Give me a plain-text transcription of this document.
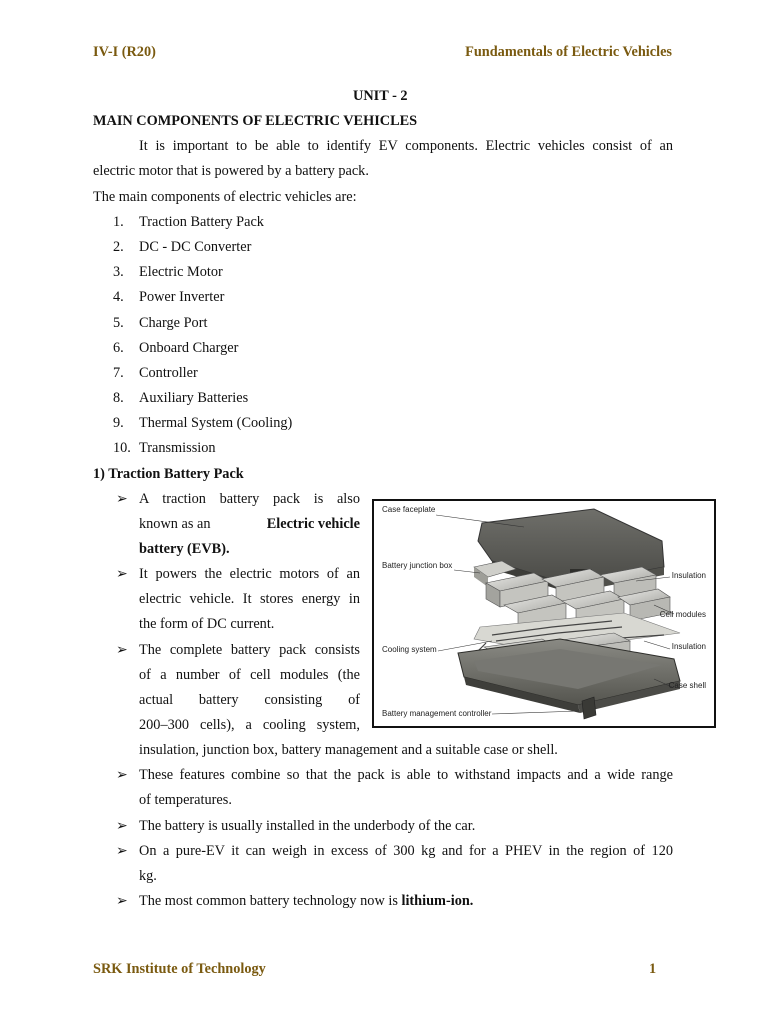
IV-I (R20)	Fundamentals of Electric Vehicles
UNIT - 2
MAIN COMPONENTS OF ELECTRIC VEHICLES
It is important to be able to identify EV components. Electric vehicles consist of an
electric motor that is powered by a battery pack.
The main components of electric vehicles are:
1. Traction Battery Pack
2. DC - DC Converter
3. Electric Motor
4. Power Inverter
5. Charge Port
6. Onboard Charger
7. Controller
8. Auxiliary Batteries
9. Thermal System (Cooling)
10. Transmission
1) Traction Battery Pack
➢ A traction battery pack is also
known as an	Electric vehicle
battery (EVB).
➢ It powers the electric motors of an
electric vehicle. It stores energy in
the form of DC current.
➢ The complete battery pack consists
of a number of cell modules (the
actual battery consisting of
200–300 cells), a cooling system,
insulation, junction box, battery management and a suitable case or shell.
➢ These features combine so that the pack is able to withstand impacts and a wide range
of temperatures.
➢ The battery is usually installed in the underbody of the car.
➢ On a pure-EV it can weigh in excess of 300 kg and for a PHEV in the region of 120
kg.
➢ The most common battery technology now is lithium-ion.
Case faceplate
Battery junction box
Insulation
Cell modules
Cooling system	Insulation
Case shell
Battery management controller
SRK Institute of Technology	1
